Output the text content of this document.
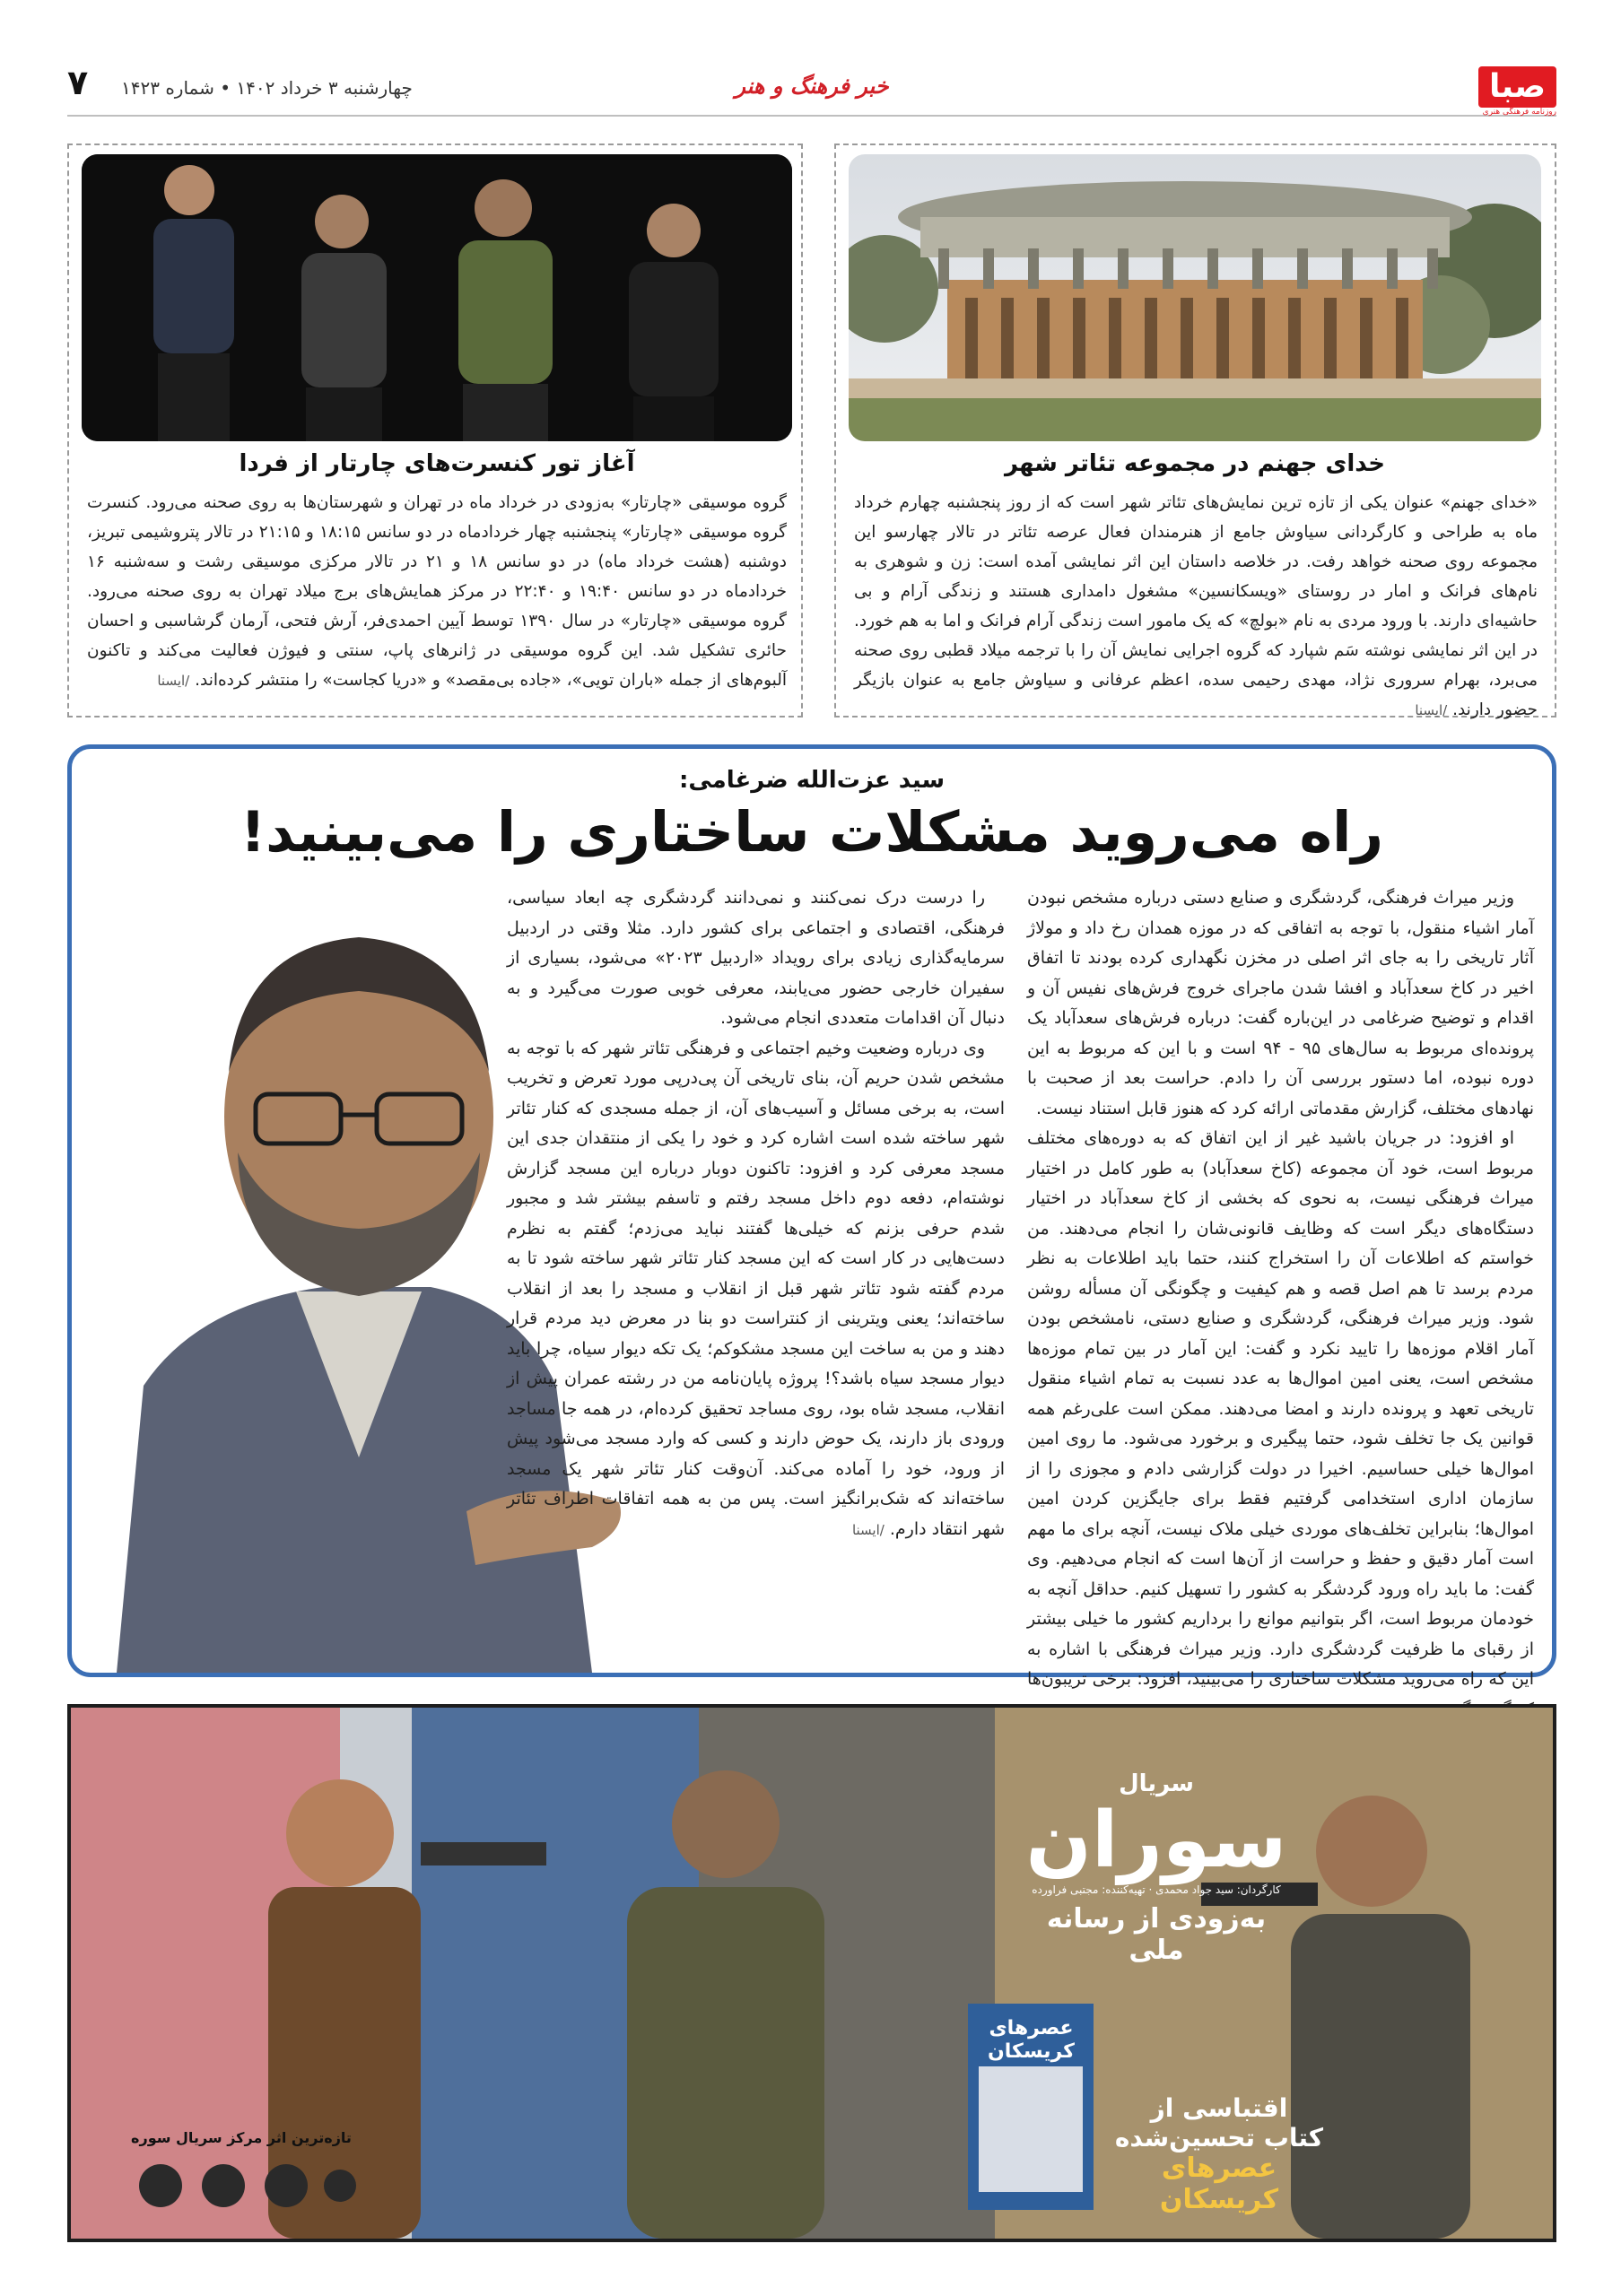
صبا
روزنامه فرهنگی هنری
خبر فرهنگ و هنر
چهارشنبه ۳ خرداد ۱۴۰۲ • شماره ۱۴۲۳
۷
خدای جهنم در مجموعه تئاتر شهر
«خدای جهنم» عنوان یکی از تازه ترین نمایش‌های تئاتر شهر است که از روز پنجشنبه چهارم خرداد ماه به طراحی و کارگردانی سیاوش جامع از هنرمندان فعال عرصه تئاتر در تالار چهارسو این مجموعه روی صحنه خواهد رفت. در خلاصه داستان این اثر نمایشی آمده است: زن و شوهری به نام‌های فرانک و امار در روستای «ویسکانسین» مشغول دامداری هستند و زندگی آرام و بی حاشیه‌ای دارند. با ورود مردی به نام «بولچ» که یک مامور است زندگی آرام فرانک و اما به هم خورد. در این اثر نمایشی نوشته سَم شپارد که گروه اجرایی نمایش آن را با ترجمه میلاد قطبی روی صحنه می‌برد، بهرام سروری نژاد، مهدی رحیمی سده، اعظم عرفانی و سیاوش جامع به عنوان بازیگر حضور دارند. /ایسنا
آغاز تور کنسرت‌های چارتار از فردا
گروه موسیقی «چارتار» به‌زودی در خرداد ماه در تهران و شهرستان‌ها به روی صحنه می‌رود. کنسرت گروه موسیقی «چارتار» پنجشنبه چهار خردادماه در دو سانس ۱۸:۱۵ و ۲۱:۱۵ در تالار پتروشیمی تبریز، دوشنبه (هشت خرداد ماه) در دو سانس ۱۸ و ۲۱ در تالار مرکزی موسیقی رشت و سه‌شنبه ۱۶ خردادماه در دو سانس ۱۹:۴۰ و ۲۲:۴۰ در مرکز همایش‌های برج میلاد تهران به روی صحنه می‌رود. گروه موسیقی «چارتار» در سال ۱۳۹۰ توسط آیین احمدی‌فر، آرش فتحی، آرمان گرشاسبی و احسان حائری تشکیل شد. این گروه موسیقی در ژانرهای پاپ، سنتی و فیوژن فعالیت می‌کند و تاکنون آلبوم‌های از جمله «باران تویی»، «جاده بی‌مقصد» و «دریا کجاست» را منتشر کرده‌اند. /ایسنا
سید عزت‌الله ضرغامی:
راه می‌روید مشکلات ساختاری را می‌بینید!

وزیر میراث فرهنگی، گردشگری و صنایع دستی درباره مشخص نبودن آمار اشیاء منقول، با توجه به اتفاقی که در موزه همدان رخ داد و مولاژ آثار تاریخی را به جای اثر اصلی در مخزن نگهداری کرده بودند تا اتفاق اخیر در کاخ سعدآباد و افشا شدن ماجرای خروج فرش‌های نفیس آن و اقدام و توضیح ضرغامی در این‌باره گفت: درباره فرش‌های سعدآباد یک پرونده‌ای مربوط به سال‌های ۹۵ - ۹۴ است و با این که مربوط به این دوره نبوده، اما دستور بررسی آن را دادم. حراست بعد از صحبت با نهادهای مختلف، گزارش مقدماتی ارائه کرد که هنوز قابل استناد نیست.

او افزود: در جریان باشید غیر از این اتفاق که به دوره‌های مختلف مربوط است، خود آن مجموعه (کاخ سعدآباد) به طور کامل در اختیار میراث فرهنگی نیست، به نحوی که بخشی از کاخ سعدآباد در اختیار دستگاه‌های دیگر است که وظایف قانونی‌شان را انجام می‌دهند. من خواستم که اطلاعات آن را استخراج کنند، حتما باید اطلاعات به نظر مردم برسد تا هم اصل قصه و هم کیفیت و چگونگی آن مسأله روشن شود. وزیر میراث فرهنگی، گردشگری و صنایع دستی، نامشخص بودن آمار اقلام موزه‌ها را تایید نکرد و گفت: این آمار در بین تمام موزه‌ها مشخص است، یعنی امین اموال‌ها به عدد نسبت به تمام اشیاء منقول تاریخی تعهد و پرونده دارند و امضا می‌دهند. ممکن است علی‌رغم همه قوانین یک جا تخلف شود، حتما پیگیری و برخورد می‌شود. ما روی امین اموال‌ها خیلی حساسیم. اخیرا در دولت گزارشی دادم و مجوزی را از سازمان اداری استخدامی گرفتیم فقط برای جایگزین کردن امین اموال‌ها؛ بنابراین تخلف‌های موردی خیلی ملاک نیست، آنچه برای ما مهم است آمار دقیق و حفظ و حراست از آن‌ها است که انجام می‌دهیم. وی گفت: ما باید راه ورود گردشگر به کشور را تسهیل کنیم. حداقل آنچه به خودمان مربوط است، اگر بتوانیم موانع را برداریم کشور ما خیلی بیشتر از رقبای ما ظرفیت گردشگری دارد. وزیر میراث فرهنگی با اشاره به این که راه می‌روید مشکلات ساختاری را می‌بینید، افزود: برخی تریبون‌ها

را درست درک نمی‌کنند و نمی‌دانند گردشگری چه ابعاد سیاسی، فرهنگی، اقتصادی و اجتماعی برای کشور دارد. مثلا وقتی در اردبیل سرمایه‌گذاری زیادی برای رویداد «اردبیل ۲۰۲۳» می‌شود، بسیاری از سفیران خارجی حضور می‌یابند، معرفی خوبی صورت می‌گیرد و به دنبال آن اقدامات متعددی انجام می‌شود.

وی درباره وضعیت وخیم اجتماعی و فرهنگی تئاتر شهر که با توجه به مشخص شدن حریم آن، بنای تاریخی آن پی‌در‌پی مورد تعرض و تخریب است، به برخی مسائل و آسیب‌های آن، از جمله مسجدی که کنار تئاتر شهر ساخته شده است اشاره کرد و خود را یکی از منتقدان جدی این مسجد معرفی کرد و افزود: تاکنون دوبار درباره این مسجد گزارش نوشته‌ام، دفعه دوم داخل مسجد رفتم و تاسفم بیشتر شد و مجبور شدم حرفی بزنم که خیلی‌ها گفتند نباید می‌زدم؛ گفتم به نظرم دست‌هایی در کار است که این مسجد کنار تئاتر شهر ساخته شود تا به مردم گفته شود تئاتر شهر قبل از انقلاب و مسجد را بعد از انقلاب ساخته‌اند؛ یعنی ویترینی از کنتراست دو بنا در معرض دید مردم قرار دهند و من به ساخت این مسجد مشکوکم؛ یک تکه دیوار سیاه، چرا باید دیوار مسجد سیاه باشد؟! پروژه پایان‌نامه من در رشته عمران پیش از انقلاب، مسجد شاه بود، روی مساجد تحقیق کرده‌ام، در همه جا مساجد ورودی باز دارند، یک حوض دارند و کسی که وارد مسجد می‌شود پیش از ورود، خود را آماده می‌کند. آن‌وقت کنار تئاتر شهر یک مسجد ساخته‌اند که شک‌برانگیز است. پس من به همه اتفاقات اطراف تئاتر شهر انتقاد دارم. /ایسنا

سریال
سوران
کارگردان: سید جواد محمدی · تهیه‌کننده: مجتبی فراورده
به‌زودی از رسانه ملی
عصرهای کریسکان
اقتباسی از
کتاب تحسین‌شده
عصرهای کریسکان
تازه‌ترین اثر مرکز سریال سوره
